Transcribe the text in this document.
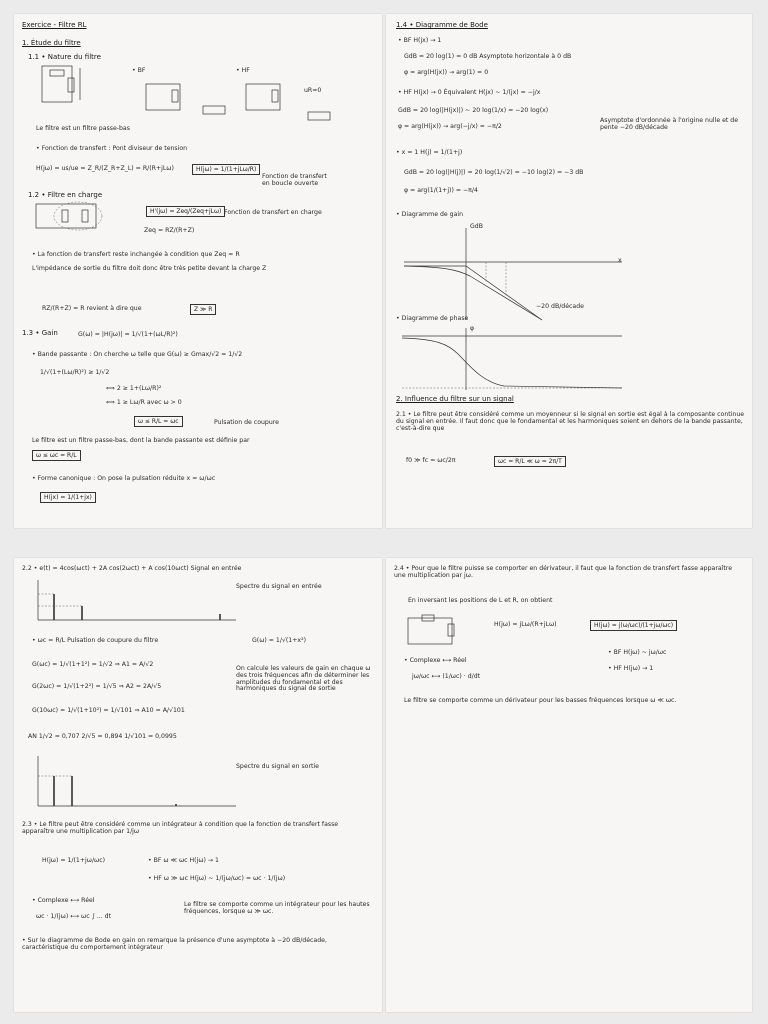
Exercice - Filtre RL
1. Étude du filtre
1.1 • Nature du filtre
• BF	• HF
uR≈0
Le filtre est un filtre passe-bas
• Fonction de transfert : Pont diviseur de tension
H(jω) = us/ue = Z_R/(Z_R+Z_L) = R/(R+jLω)	H(jω) = 1/(1+jLω/R)
Fonction de transfert en boucle ouverte
1.2 • Filtre en charge
H'(jω) = Zeq/(Zeq+jLω) Fonction de transfert en charge
Zeq = RZ/(R+Z)
• La fonction de transfert reste inchangée à condition que Zeq ≈ R
L'impédance de sortie du filtre doit donc être très petite devant la charge Z
RZ/(R+Z) ≈ R revient à dire que	Z ≫ R
1.3 • Gain	G(ω) = |H(jω)| = 1/√(1+(ωL/R)²)
• Bande passante : On cherche ω telle que G(ω) ≥ Gmax/√2 = 1/√2
1/√(1+(Lω/R)²) ≥ 1/√2
⟺ 2 ≥ 1+(Lω/R)²
⟺ 1 ≥ Lω/R avec ω > 0
ω ≤ R/L = ωc	Pulsation de coupure
Le filtre est un filtre passe-bas, dont la bande passante est définie par
ω ≤ ωc = R/L
• Forme canonique : On pose la pulsation réduite x = ω/ωc
H(jx) = 1/(1+jx)
1.4 • Diagramme de Bode
• BF H(jx) → 1
GdB = 20 log(1) = 0 dB Asymptote horizontale à 0 dB
φ = arg(H(jx)) → arg(1) = 0
• HF H(jx) → 0 Équivalent H(jx) ~ 1/(jx) = −j/x
GdB = 20 log(|H(jx)|) ~ 20 log(1/x) = −20 log(x)
Asymptote d'ordonnée à l'origine nulle et de pente −20 dB/décade
φ = arg(H(jx)) → arg(−j/x) = −π/2
• x = 1 H(j) = 1/(1+j)
GdB = 20 log(|H(j)|) = 20 log(1/√2) = −10 log(2) = −3 dB
φ = arg(1/(1+j)) = −π/4
• Diagramme de gain
GdB
x
−20 dB/décade
• Diagramme de phase
φ
2. Influence du filtre sur un signal
2.1 • Le filtre peut être considéré comme un moyenneur si le signal en sortie est égal à la composante continue du signal en entrée. Il faut donc que le fondamental et les harmoniques soient en dehors de la bande passante, c'est-à-dire que
f0 ≫ fc = ωc/2π	ωc = R/L ≪ ω = 2π/T
2.2 • e(t) = 4cos(ωct) + 2A cos(2ωct) + A cos(10ωct) Signal en entrée
Spectre du signal en entrée
• ωc = R/L Pulsation de coupure du filtre	G(ω) = 1/√(1+x²)
G(ωc) = 1/√(1+1²) = 1/√2 ⇒ A1 = A/√2
G(2ωc) = 1/√(1+2²) = 1/√5 ⇒ A2 = 2A/√5
G(10ωc) = 1/√(1+10²) = 1/√101 ⇒ A10 = A/√101
On calcule les valeurs de gain en chaque ω des trois fréquences afin de déterminer les amplitudes du fondamental et des harmoniques du signal de sortie
AN 1/√2 = 0,707 2/√5 = 0,894 1/√101 = 0,0995
Spectre du signal en sortie
2.3 • Le filtre peut être considéré comme un intégrateur à condition que la fonction de transfert fasse apparaître une multiplication par 1/jω
H(jω) = 1/(1+jω/ωc)	• BF ω ≪ ωc H(jω) → 1
• HF ω ≫ ωc H(jω) ~ 1/(jω/ωc) = ωc · 1/(jω)
• Complexe ⟷ Réel
ωc · 1/(jω) ⟷ ωc ∫ ... dt
Le filtre se comporte comme un intégrateur pour les hautes fréquences, lorsque ω ≫ ωc.
• Sur le diagramme de Bode en gain on remarque la présence d'une asymptote à −20 dB/décade, caractéristique du comportement intégrateur
2.4 • Pour que le filtre puisse se comporter en dérivateur, il faut que la fonction de transfert fasse apparaître une multiplication par jω.
En inversant les positions de L et R, on obtient
H(jω) = jLω/(R+jLω)	H(jω) = j(ω/ωc)/(1+jω/ωc)
• BF H(jω) ~ jω/ωc
• HF H(jω) → 1
• Complexe ⟷ Réel
jω/ωc ⟷ (1/ωc) · d/dt
Le filtre se comporte comme un dérivateur pour les basses fréquences lorsque ω ≪ ωc.
